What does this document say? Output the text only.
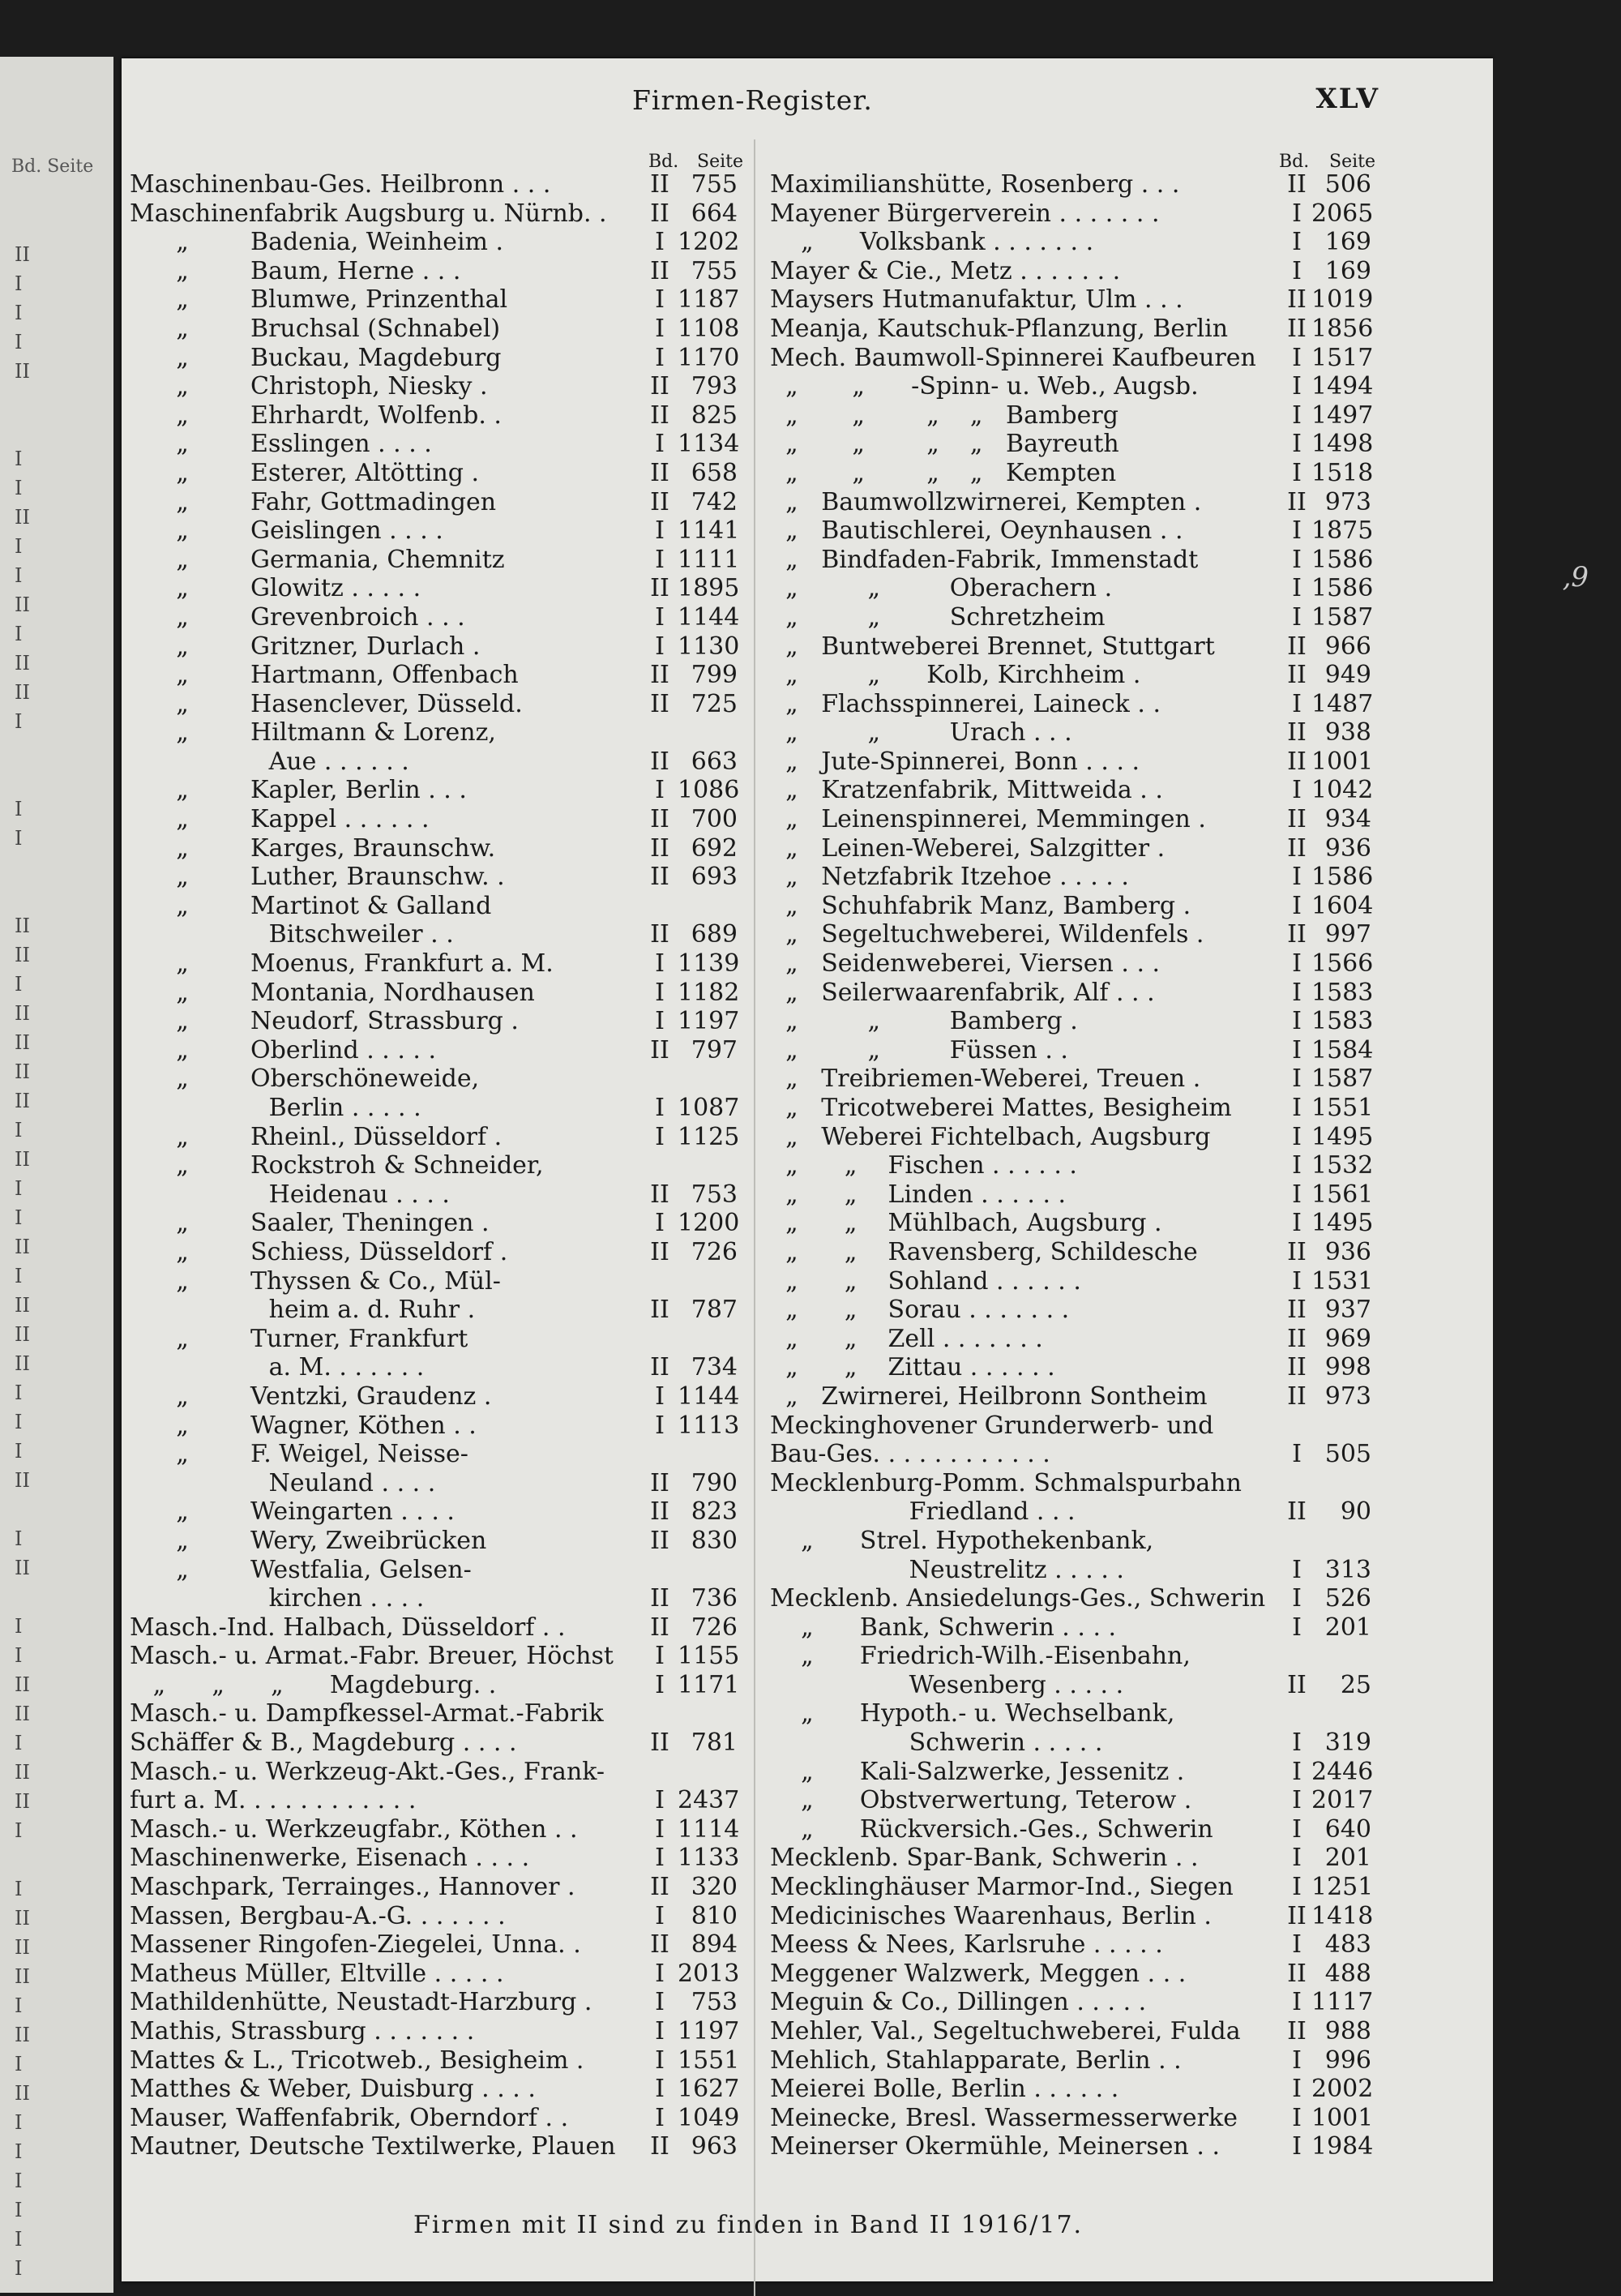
Bd. Seite
II
I
I
I
II

I
I
II
I
I
II
I
II
II
I

I
I

II
II
I
II
II
II
II
I
II
I
I
II
I
II
II
II
I
I
I
II

I
II

I
I
II
II
I
II
II
I

I
II
II
II
I
II
I
II
I
I
I
I
I
I
Firmen-Register.	XLV
Bd. Seite
Maschinenbau-Ges. Heilbronn . . .	II 755
Maschinenfabrik Augsburg u. Nürnb. .	II 664
„        Badenia, Weinheim .	I 1202
„        Baum, Herne . . .	II 755
„        Blumwe, Prinzenthal	I 1187
„        Bruchsal (Schnabel)	I 1108
„        Buckau, Magdeburg	I 1170
„        Christoph, Niesky .	II 793
„        Ehrhardt, Wolfenb. .	II 825
„        Esslingen . . . .	I 1134
„        Esterer, Altötting .	II 658
„        Fahr, Gottmadingen	II 742
„        Geislingen . . . .	I 1141
„        Germania, Chemnitz	I 1111
„        Glowitz . . . . .	II 1895
„        Grevenbroich . . .	I 1144
„        Gritzner, Durlach .	I 1130
„        Hartmann, Offenbach	II 799
„        Hasenclever, Düsseld.	II 725
„        Hiltmann & Lorenz,
Aue . . . . . .	II 663
„        Kapler, Berlin . . .	I 1086
„        Kappel . . . . . .	II 700
„        Karges, Braunschw.	II 692
„        Luther, Braunschw. .	II 693
„        Martinot & Galland
Bitschweiler . .	II 689
„        Moenus, Frankfurt a. M.	I 1139
„        Montania, Nordhausen	I 1182
„        Neudorf, Strassburg .	I 1197
„        Oberlind . . . . .	II 797
„        Oberschöneweide,
Berlin . . . . .	I 1087
„        Rheinl., Düsseldorf .	I 1125
„        Rockstroh & Schneider,
Heidenau . . . .	II 753
„        Saaler, Theningen .	I 1200
„        Schiess, Düsseldorf .	II 726
„        Thyssen & Co., Mül-
heim a. d. Ruhr .	II 787
„        Turner, Frankfurt
a. M. . . . . . .	II 734
„        Ventzki, Graudenz .	I 1144
„        Wagner, Köthen . .	I 1113
„        F. Weigel, Neisse-
Neuland . . . .	II 790
„        Weingarten . . . .	II 823
„        Wery, Zweibrücken	II 830
„        Westfalia, Gelsen-
kirchen . . . .	II 736
Masch.-Ind. Halbach, Düsseldorf . .	II 726
Masch.- u. Armat.-Fabr. Breuer, Höchst	I 1155
„      „      „      Magdeburg. .	I 1171
Masch.- u. Dampfkessel-Armat.-Fabrik
Schäffer & B., Magdeburg . . . .	II 781
Masch.- u. Werkzeug-Akt.-Ges., Frank-
furt a. M. . . . . . . . . . . .	I 2437
Masch.- u. Werkzeugfabr., Köthen . .	I 1114
Maschinenwerke, Eisenach . . . .	I 1133
Maschpark, Terrainges., Hannover .	II 320
Massen, Bergbau-A.-G. . . . . . .	I	810
Massener Ringofen-Ziegelei, Unna. .	II 894
Matheus Müller, Eltville . . . . .	I 2013
Mathildenhütte, Neustadt-Harzburg .	I	753
Mathis, Strassburg . . . . . . .	I 1197
Mattes & L., Tricotweb., Besigheim .	I 1551
Matthes & Weber, Duisburg . . . .	I 1627
Mauser, Waffenfabrik, Oberndorf . .	I 1049
Mautner, Deutsche Textilwerke, Plauen	II 963
Bd. Seite
Maximilianshütte, Rosenberg . . .	II 506
Mayener Bürgerverein . . . . . . .	I 2065
„      Volksbank . . . . . . .	I 169
Mayer & Cie., Metz . . . . . . .	I 169
Maysers Hutmanufaktur, Ulm . . .	II 1019
Meanja, Kautschuk-Pflanzung, Berlin	II 1856
Mech. Baumwoll-Spinnerei Kaufbeuren	I 1517
„       „      -Spinn- u. Web., Augsb.	I 1494
„       „        „    „   Bamberg	I 1497
„       „        „    „   Bayreuth	I 1498
„       „        „    „   Kempten	I 1518
„   Baumwollzwirnerei, Kempten .	II 973
„   Bautischlerei, Oeynhausen . .	I 1875
„   Bindfaden-Fabrik, Immenstadt	I 1586
„         „         Oberachern .	I 1586
„         „         Schretzheim	I 1587
„   Buntweberei Brennet, Stuttgart	II 966
„         „      Kolb, Kirchheim .	II 949
„   Flachsspinnerei, Laineck . .	I 1487
„         „         Urach . . .	II 938
„   Jute-Spinnerei, Bonn . . . .	II 1001
„   Kratzenfabrik, Mittweida . .	I 1042
„   Leinenspinnerei, Memmingen .	II 934
„   Leinen-Weberei, Salzgitter .	II 936
„   Netzfabrik Itzehoe . . . . .	I 1586
„   Schuhfabrik Manz, Bamberg .	I 1604
„   Segeltuchweberei, Wildenfels .	II 997
„   Seidenweberei, Viersen . . .	I 1566
„   Seilerwaarenfabrik, Alf . . .	I 1583
„         „         Bamberg .	I 1583
„         „         Füssen . .	I 1584
„   Treibriemen-Weberei, Treuen .	I 1587
„   Tricotweberei Mattes, Besigheim	I 1551
„   Weberei Fichtelbach, Augsburg	I 1495
„      „    Fischen . . . . . .	I 1532
„      „    Linden . . . . . .	I 1561
„      „    Mühlbach, Augsburg .	I 1495
„      „    Ravensberg, Schildesche	II 936
„      „    Sohland . . . . . .	I 1531
„      „    Sorau . . . . . . .	II 937
„      „    Zell . . . . . . .	II 969
„      „    Zittau . . . . . .	II 998
„   Zwirnerei, Heilbronn Sontheim	II 973
Meckinghovener Grunderwerb- und
Bau-Ges. . . . . . . . . . . .	I 505
Mecklenburg-Pomm. Schmalspurbahn
Friedland . . .	II	90
„      Strel. Hypothekenbank,
Neustrelitz . . . . .	I 313
Mecklenb. Ansiedelungs-Ges., Schwerin	I 526
„      Bank, Schwerin . . . .	I 201
„      Friedrich-Wilh.-Eisenbahn,
Wesenberg . . . . .	II	25
„      Hypoth.- u. Wechselbank,
Schwerin . . . . .	I 319
„      Kali-Salzwerke, Jessenitz .	I 2446
„      Obstverwertung, Teterow .	I 2017
„      Rückversich.-Ges., Schwerin	I 640
Mecklenb. Spar-Bank, Schwerin . .	I 201
Mecklinghäuser Marmor-Ind., Siegen	I 1251
Medicinisches Waarenhaus, Berlin .	II 1418
Meess & Nees, Karlsruhe . . . . .	I 483
Meggener Walzwerk, Meggen . . .	II 488
Meguin & Co., Dillingen . . . . .	I 1117
Mehler, Val., Segeltuchweberei, Fulda	II 988
Mehlich, Stahlapparate, Berlin . .	I 996
Meierei Bolle, Berlin . . . . . .	I 2002
Meinecke, Bresl. Wassermesserwerke	I 1001
Meinerser Okermühle, Meinersen . .	I 1984
Firmen mit II sind zu finden in Band II 1916/17.
‚9
